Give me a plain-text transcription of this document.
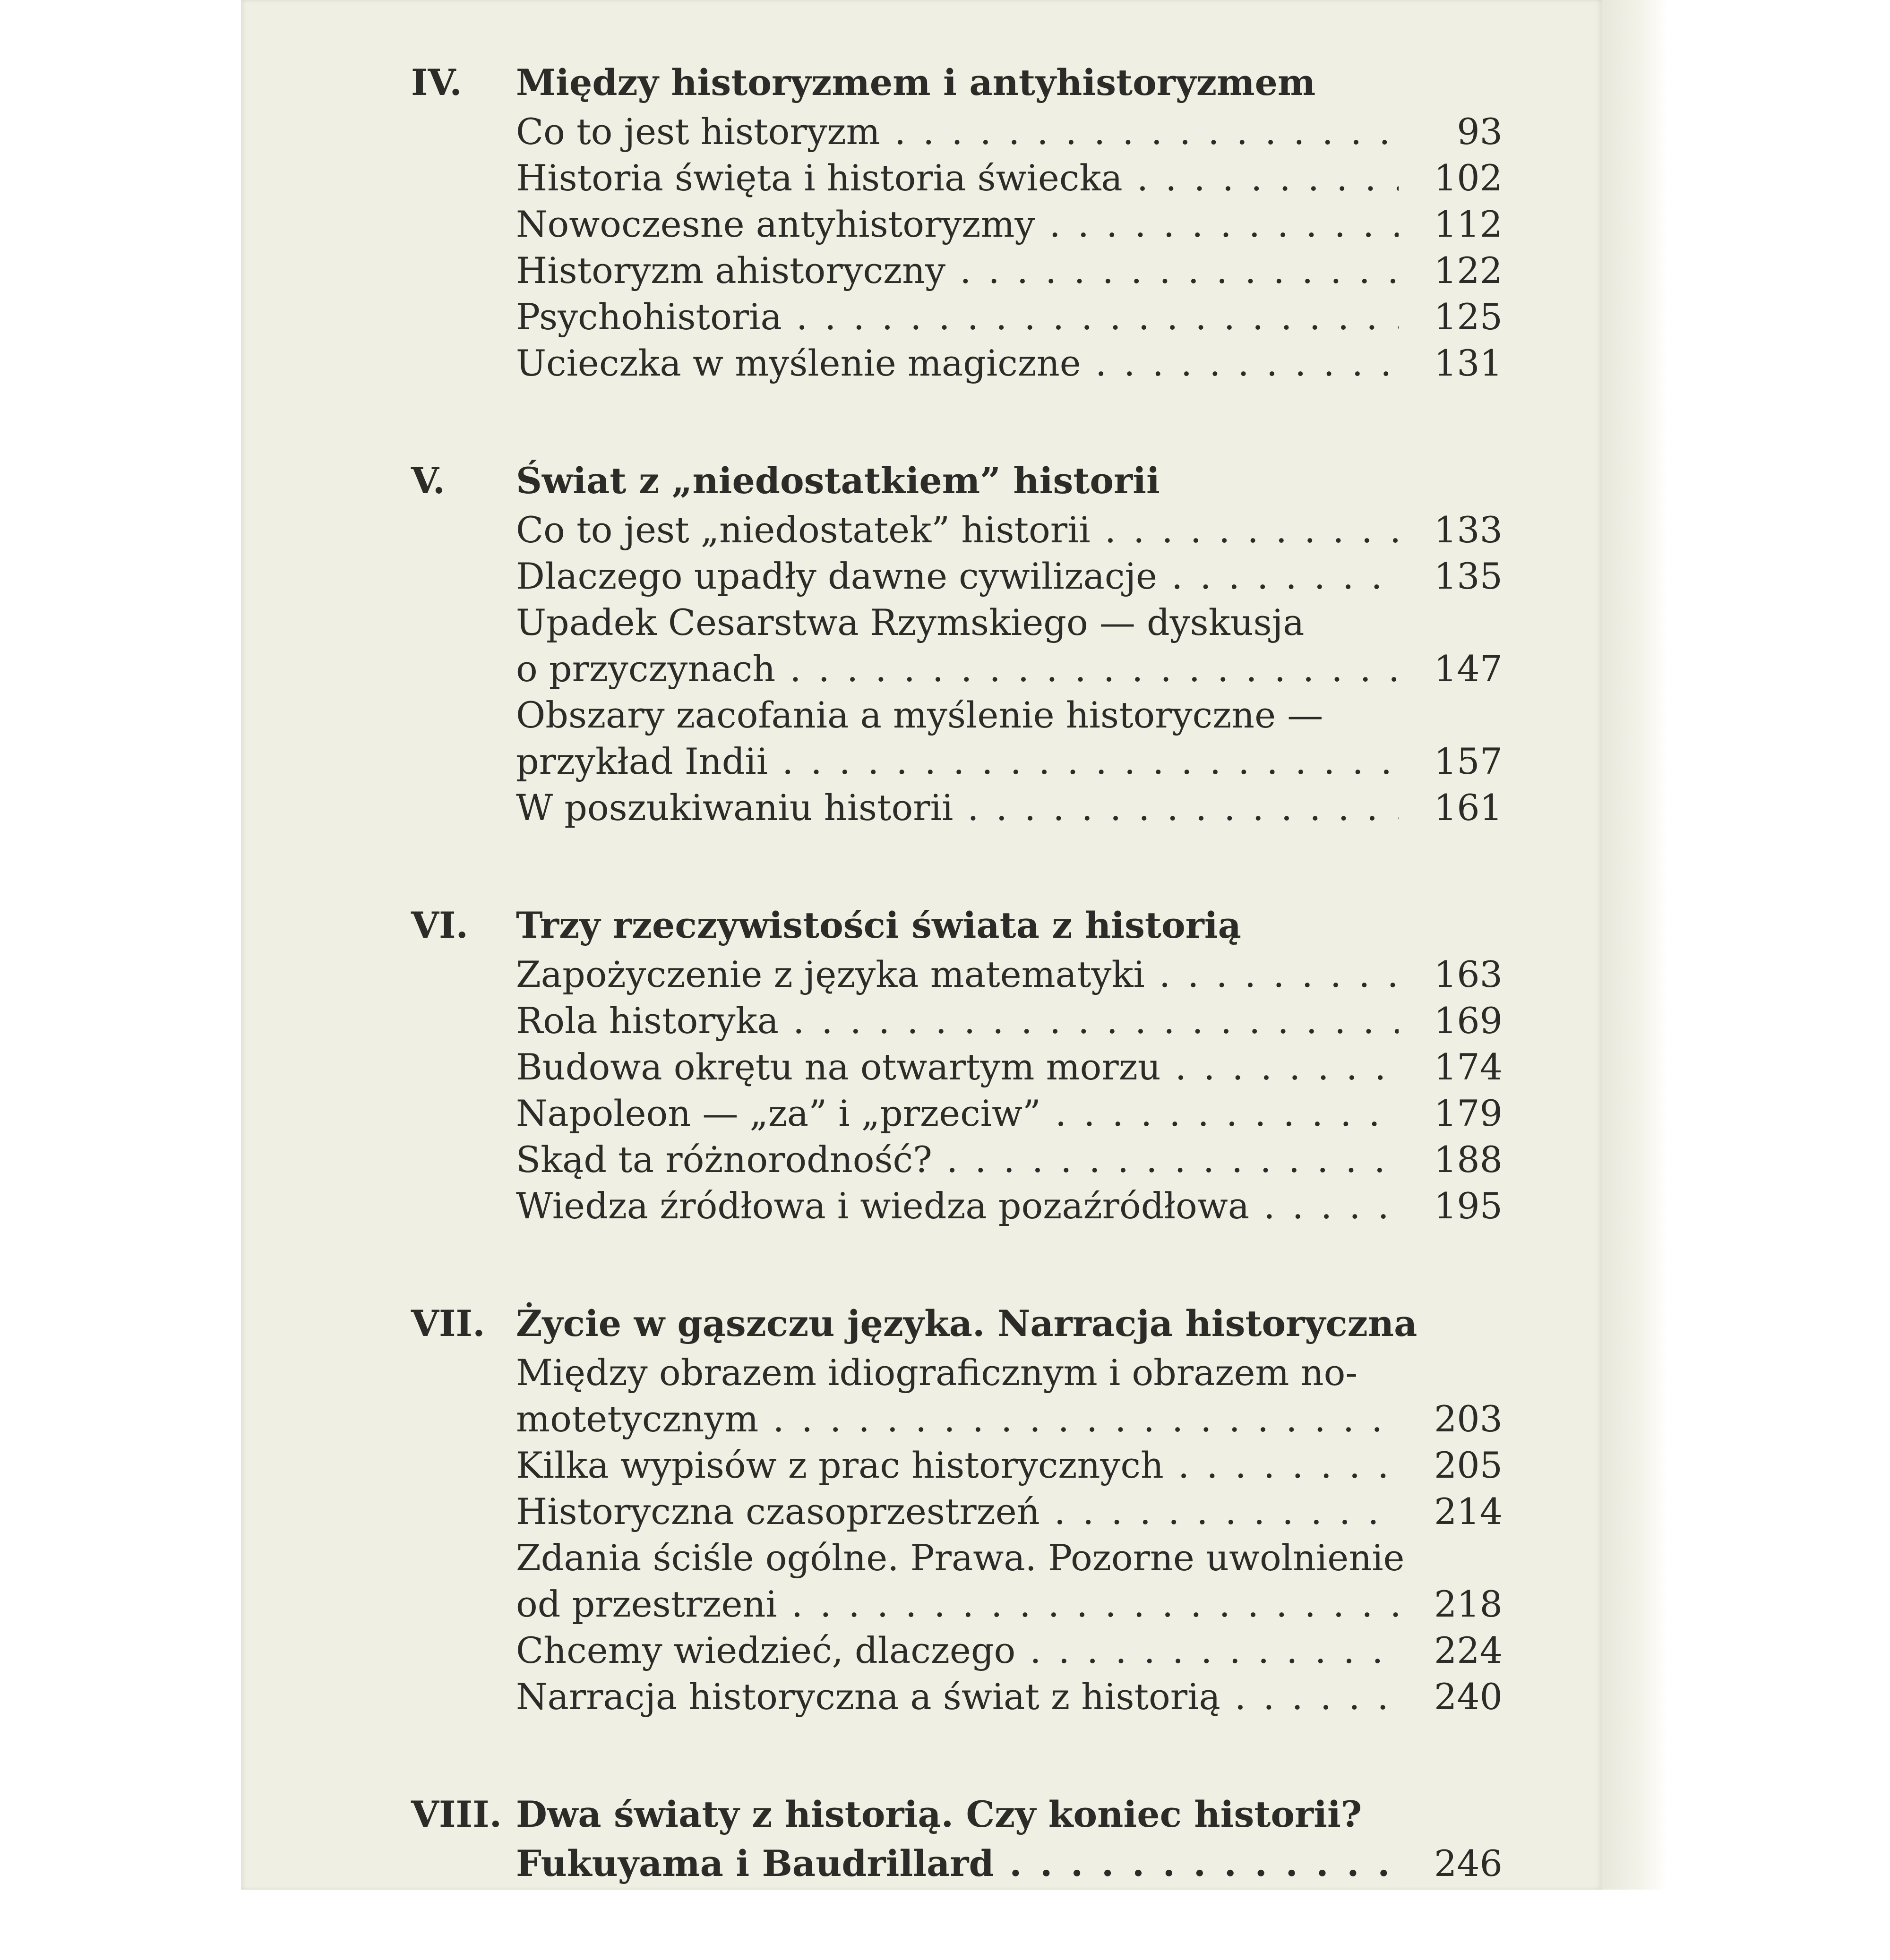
IV. Między historyzmem i antyhistoryzmem
Co to jest historyzm . . .	93
Historia święta i historia świecka . . .	102
Nowoczesne antyhistoryzmy . . .	112
Historyzm ahistoryczny . . .	122
Psychohistoria . . .	125
Ucieczka w myślenie magiczne . . .	131
V. Świat z „niedostatkiem” historii
Co to jest „niedostatek” historii . . .	133
Dlaczego upadły dawne cywilizacje . . .	135
Upadek Cesarstwa Rzymskiego — dyskusja
o przyczynach . . .	147
Obszary zacofania a myślenie historyczne —
przykład Indii . . .	157
W poszukiwaniu historii . . .	161
VI. Trzy rzeczywistości świata z historią
Zapożyczenie z języka matematyki . . .	163
Rola historyka . . .	169
Budowa okrętu na otwartym morzu . . .	174
Napoleon — „za” i „przeciw” . . .	179
Skąd ta różnorodność? . . .	188
Wiedza źródłowa i wiedza pozaźródłowa . . .	195
VII. Życie w gąszczu języka. Narracja historyczna
Między obrazem idiograficznym i obrazem no-
motetycznym . . .	203
Kilka wypisów z prac historycznych . . .	205
Historyczna czasoprzestrzeń . . .	214
Zdania ściśle ogólne. Prawa. Pozorne uwolnienie
od przestrzeni . . .	218
Chcemy wiedzieć, dlaczego . . .	224
Narracja historyczna a świat z historią . . .	240
VIII. Dwa światy z historią. Czy koniec historii?
Fukuyama i Baudrillard . . .	246
